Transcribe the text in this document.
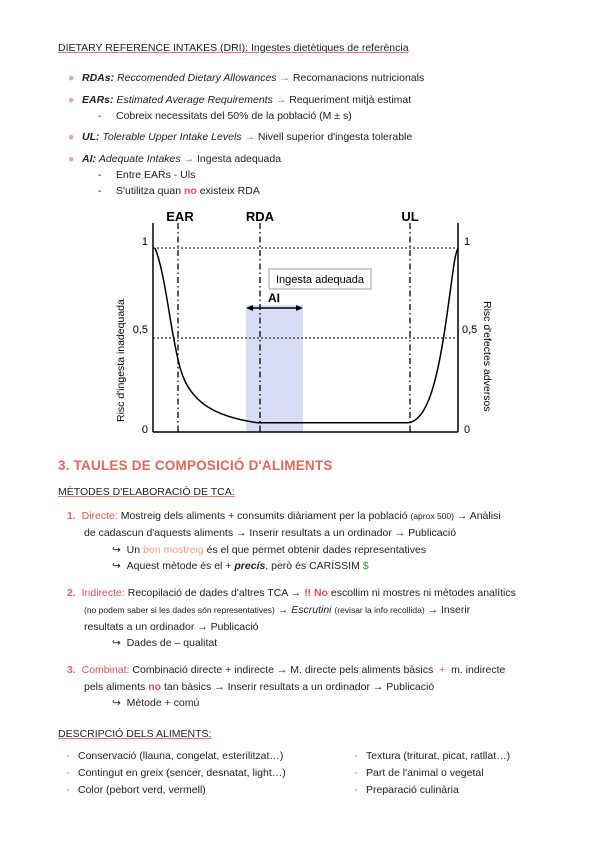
DIETARY REFERENCE INTAKES (DRI): Ingestes dietètiques de referència
● RDAs: Reccomended Dietary Allowances → Recomanacions nutricionals
● EARs: Estimated Average Requirements → Requeriment mitjà estimat
- Cobreix necessitats del 50% de la població (M ± s)
● UL: Tolerable Upper Intake Levels → Nivell superior d'ingesta tolerable
● AI: Adequate Intakes → Ingesta adequada
- Entre EARs - Uls
- S'utilitza quan no existeix RDA
EAR	RDA	UL
1
0,5
0
1
0,5
0
Risc d'ingesta inadequada	Risc d'efectes adversos
Ingesta adequada
AI
3. TAULES DE COMPOSICIÓ D'ALIMENTS
MÈTODES D'ELABORACIÓ DE TCA:
1. Directe: Mostreig dels aliments + consumits diàriament per la població (aprox 500) → Anàlisi
de cadascun d'aquests aliments → Inserir resultats a un ordinador → Publicació
↪ Un bon mostreig és el que permet obtenir dades representatives
↪ Aquest mètode és el + precís, però és CARÍSSIM $
2. Indirecte: Recopilació de dades d'altres TCA → !! No escollim ni mostres ni mètodes analítics
(no podem saber si les dades són representatives) → Escrutini (revisar la info recollida) → Inserir
resultats a un ordinador → Publicació
↪ Dades de – qualitat
3. Combinat: Combinació directe + indirecte → M. directe pels aliments bàsics + m. indirecte
pels aliments no tan bàsics → Inserir resultats a un ordinador → Publicació
↪ Mètode + comú
DESCRIPCIÓ DELS ALIMENTS:
- Conservació (llauna, congelat, esterilitzat…)
- Contingut en greix (sencer, desnatat, light…)
- Color (pebort verd, vermell)
- Textura (triturat, picat, ratllat…)
- Part de l'animal o vegetal
- Preparació culinària
